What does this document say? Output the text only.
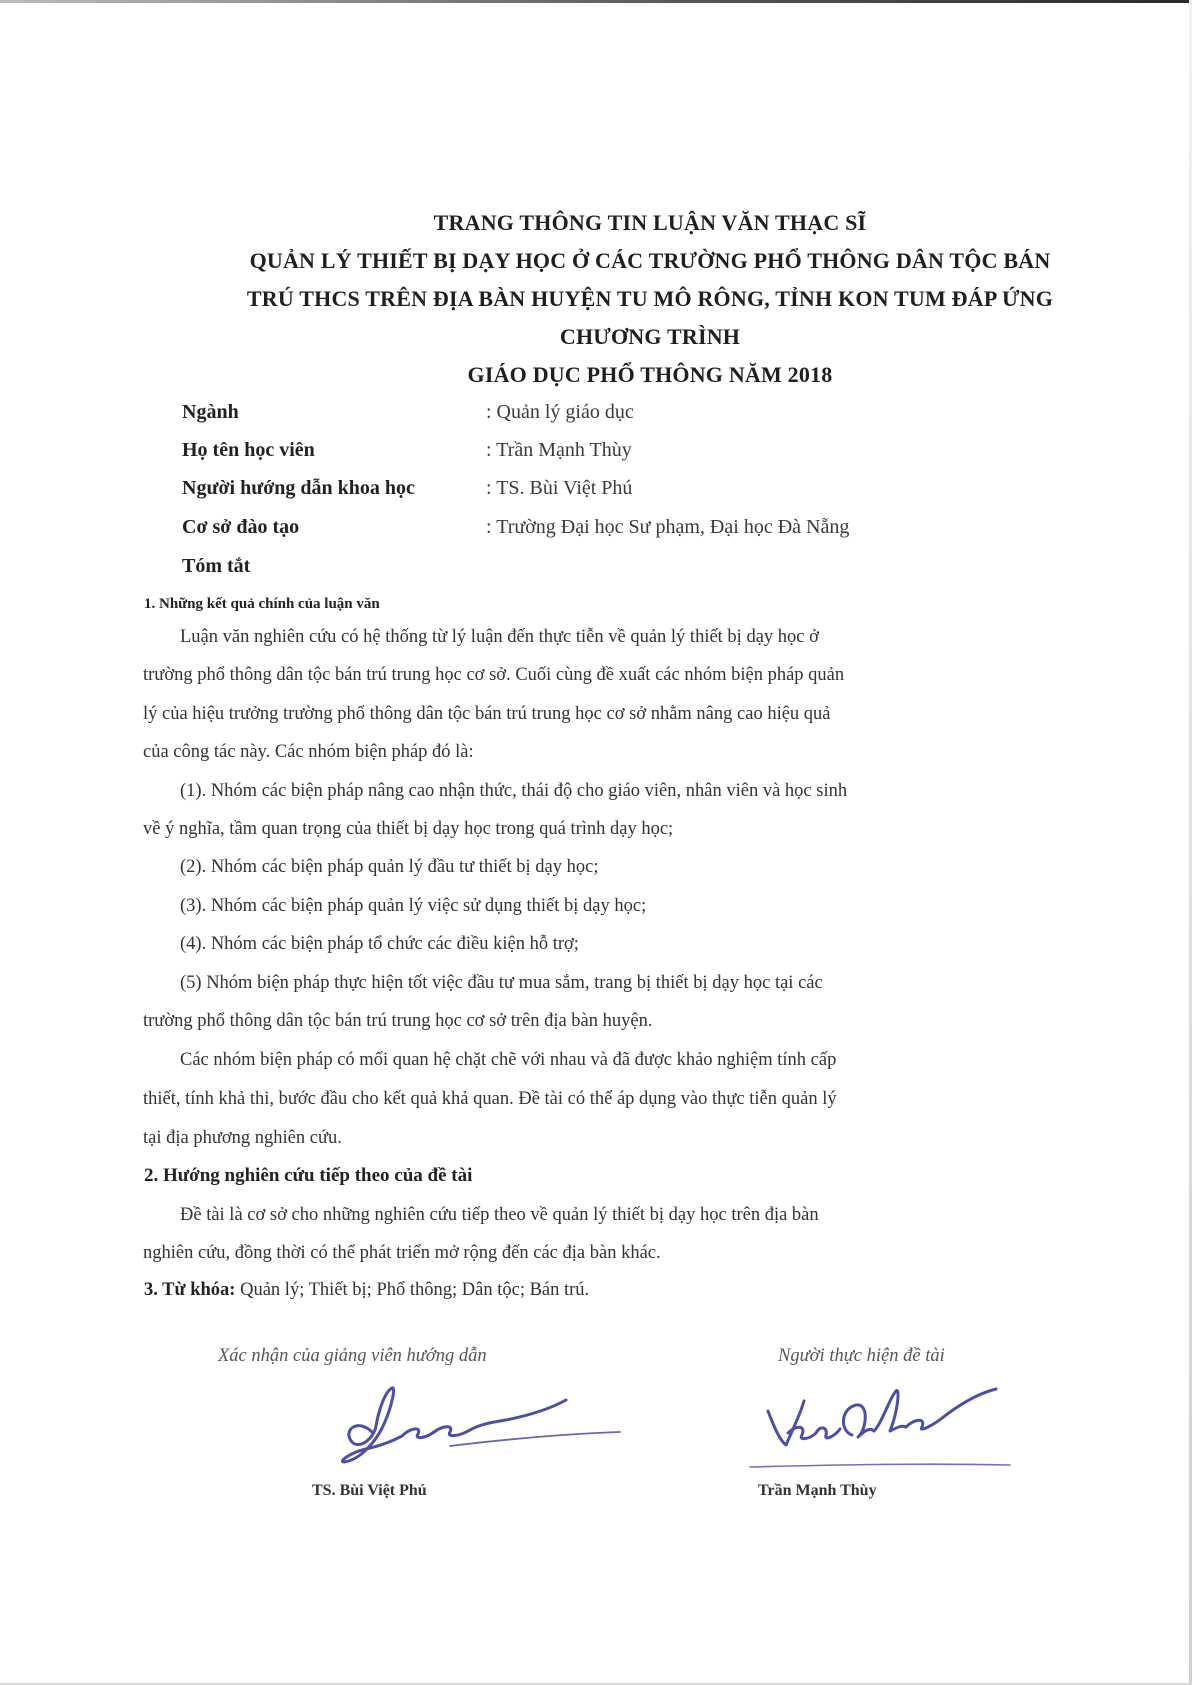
TRANG THÔNG TIN LUẬN VĂN THẠC SĨ
QUẢN LÝ THIẾT BỊ DẠY HỌC Ở CÁC TRƯỜNG PHỔ THÔNG DÂN TỘC BÁN
TRÚ THCS TRÊN ĐỊA BÀN HUYỆN TU MÔ RÔNG, TỈNH KON TUM ĐÁP ỨNG
CHƯƠNG TRÌNH
GIÁO DỤC PHỔ THÔNG NĂM 2018
Ngành	: Quản lý giáo dục
Họ tên học viên	: Trần Mạnh Thùy
Người hướng dẫn khoa học	: TS. Bùi Việt Phú
Cơ sở đào tạo	: Trường Đại học Sư phạm, Đại học Đà Nẵng

Tóm tắt

1. Những kết quả chính của luận văn

Luận văn nghiên cứu có hệ thống từ lý luận đến thực tiễn về quản lý thiết bị dạy học ở

trường phổ thông dân tộc bán trú trung học cơ sở. Cuối cùng đề xuất các nhóm biện pháp quản

lý của hiệu trưởng trường phổ thông dân tộc bán trú trung học cơ sở nhằm nâng cao hiệu quả

của công tác này. Các nhóm biện pháp đó là:

(1). Nhóm các biện pháp nâng cao nhận thức, thái độ cho giáo viên, nhân viên và học sinh

về ý nghĩa, tầm quan trọng của thiết bị dạy học trong quá trình dạy học;

(2). Nhóm các biện pháp quản lý đầu tư thiết bị dạy học;

(3). Nhóm các biện pháp quản lý việc sử dụng thiết bị dạy học;

(4). Nhóm các biện pháp tổ chức các điều kiện hỗ trợ;

(5) Nhóm biện pháp thực hiện tốt việc đầu tư mua sắm, trang bị thiết bị dạy học tại các

trường phổ thông dân tộc bán trú trung học cơ sở trên địa bàn huyện.

Các nhóm biện pháp có mối quan hệ chặt chẽ với nhau và đã được khảo nghiệm tính cấp

thiết, tính khả thi, bước đầu cho kết quả khả quan. Đề tài có thể áp dụng vào thực tiễn quản lý

tại địa phương nghiên cứu.

2. Hướng nghiên cứu tiếp theo của đề tài

Đề tài là cơ sở cho những nghiên cứu tiếp theo về quản lý thiết bị dạy học trên địa bàn

nghiên cứu, đồng thời có thể phát triển mở rộng đến các địa bàn khác.

3. Từ khóa: Quản lý; Thiết bị; Phổ thông; Dân tộc; Bán trú.

Xác nhận của giảng viên hướng dẫn	Người thực hiện đề tài

TS. Bùi Việt Phú	Trần Mạnh Thùy
